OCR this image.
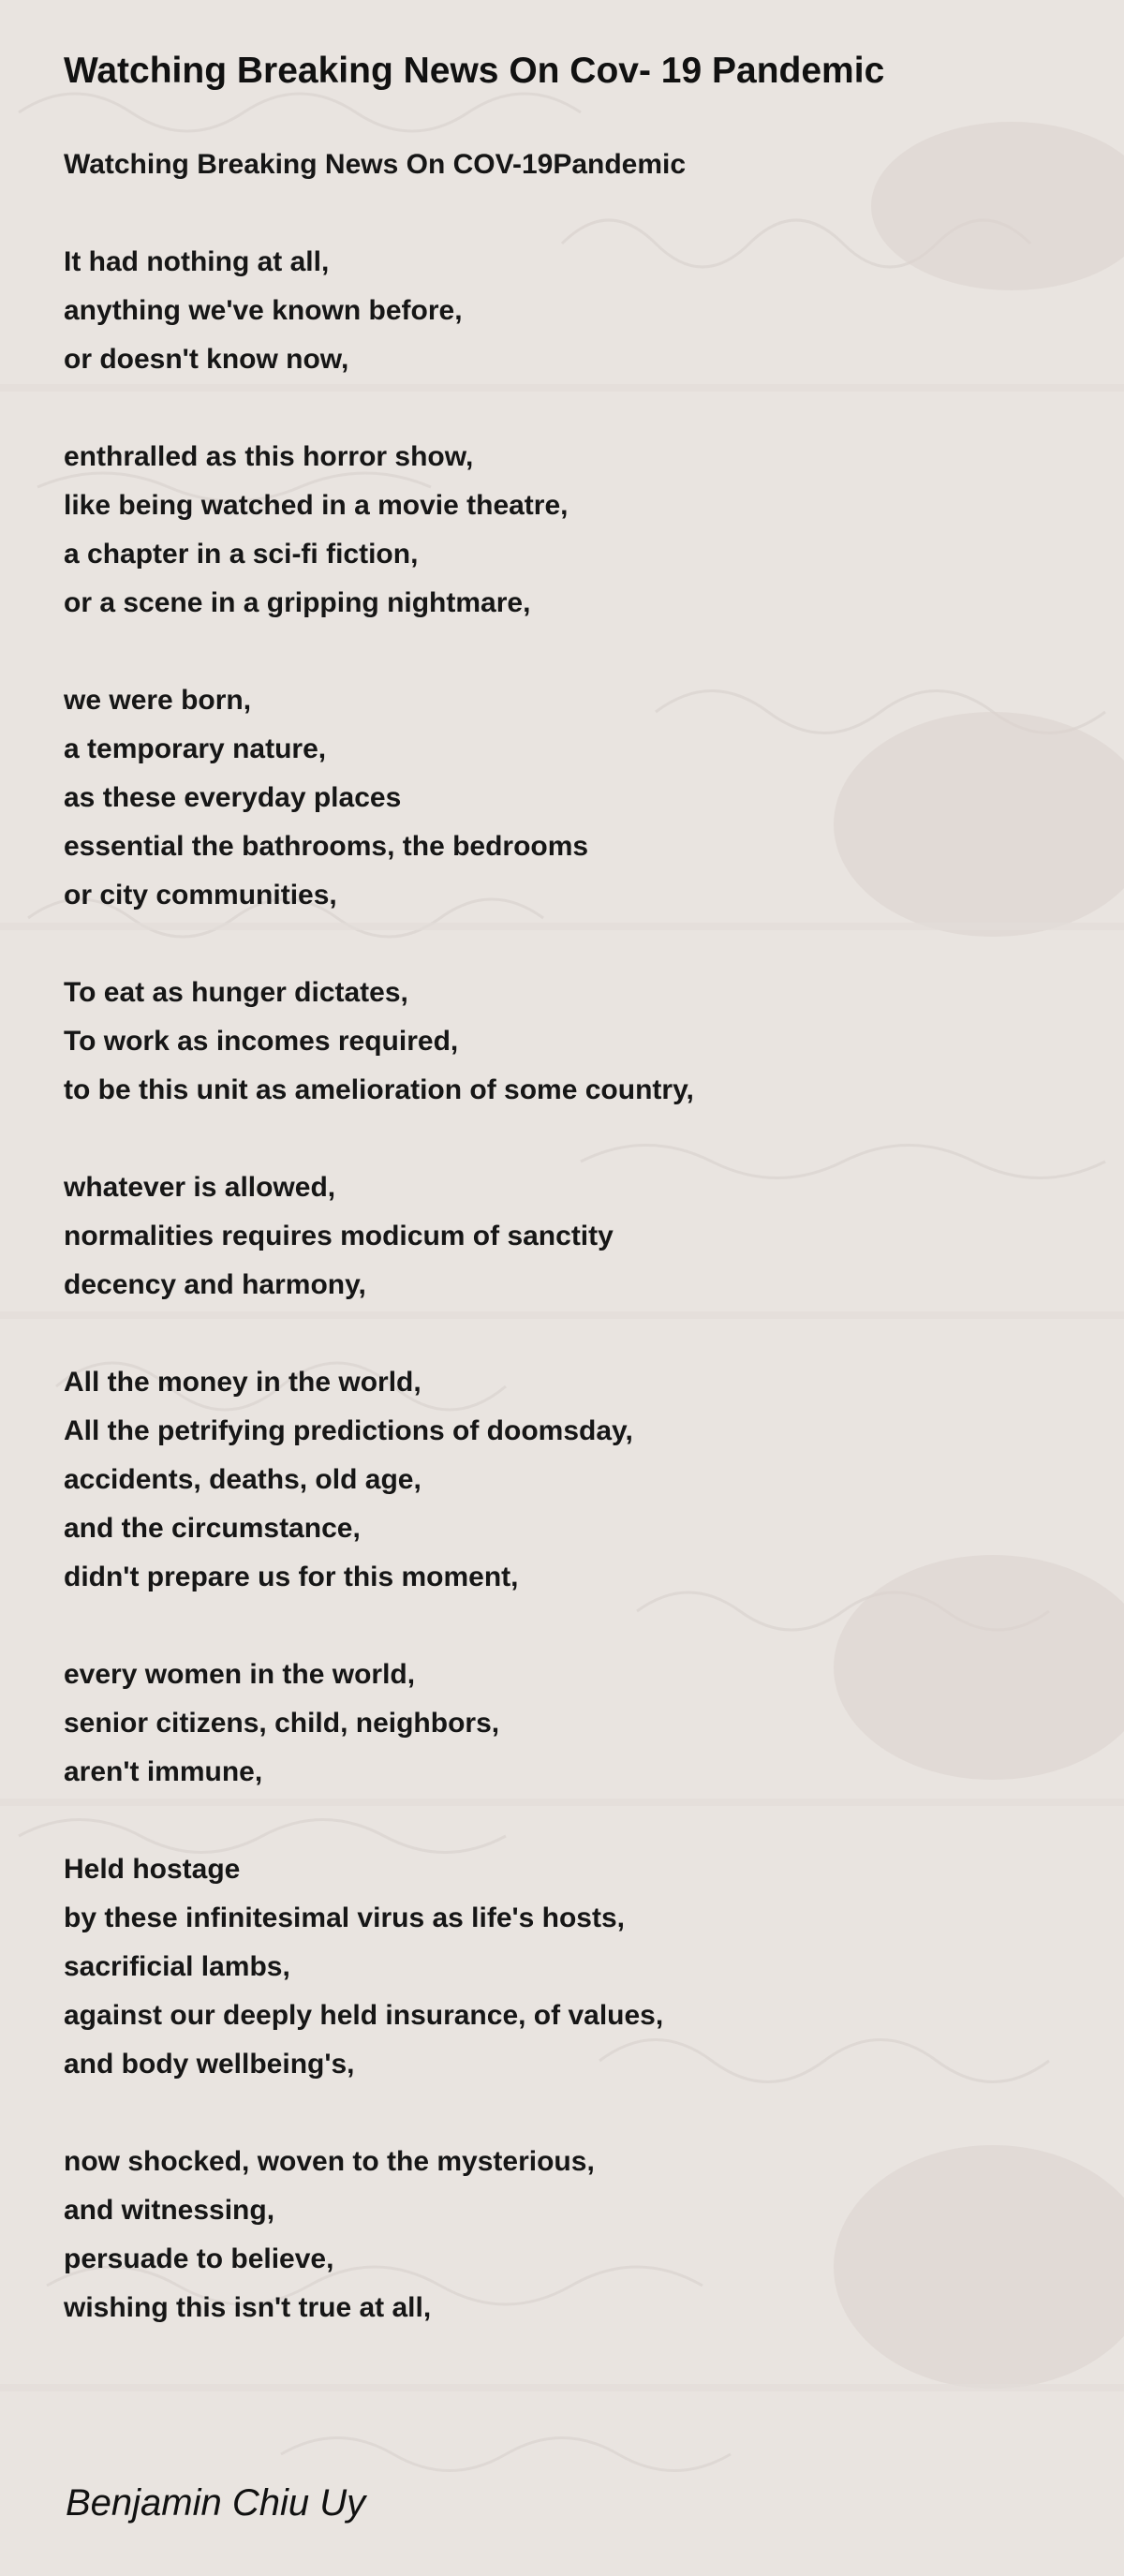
Watching Breaking News On Cov- 19 Pandemic
Watching Breaking News On COV-19Pandemic
It had nothing at all,
anything we've known before,
or doesn't know now,
enthralled as this horror show,
like being watched in a movie theatre,
a chapter in a sci-fi fiction,
or a scene in a gripping nightmare,
we were born,
a temporary nature,
as these everyday places
essential the bathrooms, the bedrooms
or city communities,
To eat as hunger dictates,
To work as incomes required,
to be this unit as amelioration of some country,
whatever is allowed,
normalities requires modicum of sanctity
decency and harmony,
All the money in the world,
All the petrifying predictions of doomsday,
accidents, deaths, old age,
and the circumstance,
didn't prepare us for this moment,
every women in the world,
senior citizens, child, neighbors,
aren't immune,
Held hostage
by these infinitesimal virus as life's hosts,
sacrificial lambs,
against our deeply held insurance, of values,
and body wellbeing's,
now shocked, woven to the mysterious,
and witnessing,
persuade to believe,
wishing this isn't true at all,
Benjamin Chiu Uy
